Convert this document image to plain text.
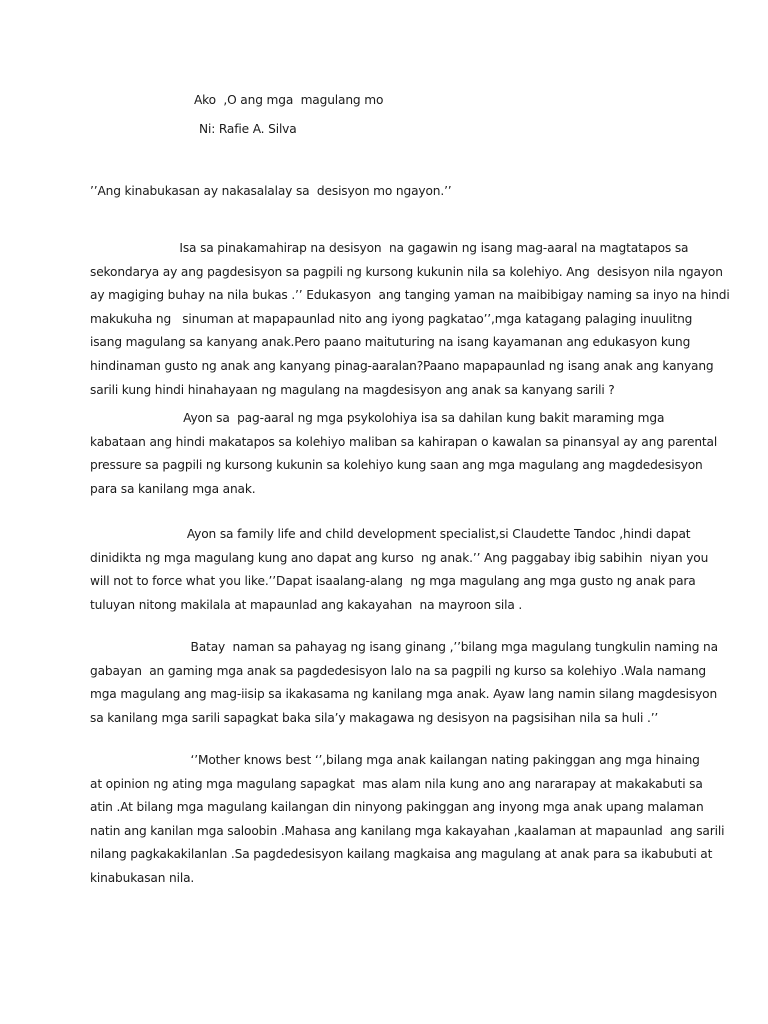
Ako  ,O ang mga  magulang mo
Ni: Rafie A. Silva
’’Ang kinabukasan ay nakasalalay sa  desisyon mo ngayon.’’
Isa sa pinakamahirap na desisyon  na gagawin ng isang mag-aaral na magtatapos sa
sekondarya ay ang pagdesisyon sa pagpili ng kursong kukunin nila sa kolehiyo. Ang  desisyon nila ngayon
ay magiging buhay na nila bukas .’’ Edukasyon  ang tanging yaman na maibibigay naming sa inyo na hindi
makukuha ng   sinuman at mapapaunlad nito ang iyong pagkatao’’,mga katagang palaging inuulitng
isang magulang sa kanyang anak.Pero paano maituturing na isang kayamanan ang edukasyon kung
hindinaman gusto ng anak ang kanyang pinag-aaralan?Paano mapapaunlad ng isang anak ang kanyang
sarili kung hindi hinahayaan ng magulang na magdesisyon ang anak sa kanyang sarili ?
Ayon sa  pag-aaral ng mga psykolohiya isa sa dahilan kung bakit maraming mga
kabataan ang hindi makatapos sa kolehiyo maliban sa kahirapan o kawalan sa pinansyal ay ang parental
pressure sa pagpili ng kursong kukunin sa kolehiyo kung saan ang mga magulang ang magdedesisyon
para sa kanilang mga anak.
Ayon sa family life and child development specialist,si Claudette Tandoc ,hindi dapat
dinidikta ng mga magulang kung ano dapat ang kurso  ng anak.’’ Ang paggabay ibig sabihin  niyan you
will not to force what you like.’’Dapat isaalang-alang  ng mga magulang ang mga gusto ng anak para
tuluyan nitong makilala at mapaunlad ang kakayahan  na mayroon sila .
Batay  naman sa pahayag ng isang ginang ,’’bilang mga magulang tungkulin naming na
gabayan  an gaming mga anak sa pagdedesisyon lalo na sa pagpili ng kurso sa kolehiyo .Wala namang
mga magulang ang mag-iisip sa ikakasama ng kanilang mga anak. Ayaw lang namin silang magdesisyon
sa kanilang mga sarili sapagkat baka sila’y makagawa ng desisyon na pagsisihan nila sa huli .’’
‘’Mother knows best ‘’,bilang mga anak kailangan nating pakinggan ang mga hinaing
at opinion ng ating mga magulang sapagkat  mas alam nila kung ano ang nararapay at makakabuti sa
atin .At bilang mga magulang kailangan din ninyong pakinggan ang inyong mga anak upang malaman
natin ang kanilan mga saloobin .Mahasa ang kanilang mga kakayahan ,kaalaman at mapaunlad  ang sarili
nilang pagkakakilanlan .Sa pagdedesisyon kailang magkaisa ang magulang at anak para sa ikabubuti at
kinabukasan nila.
